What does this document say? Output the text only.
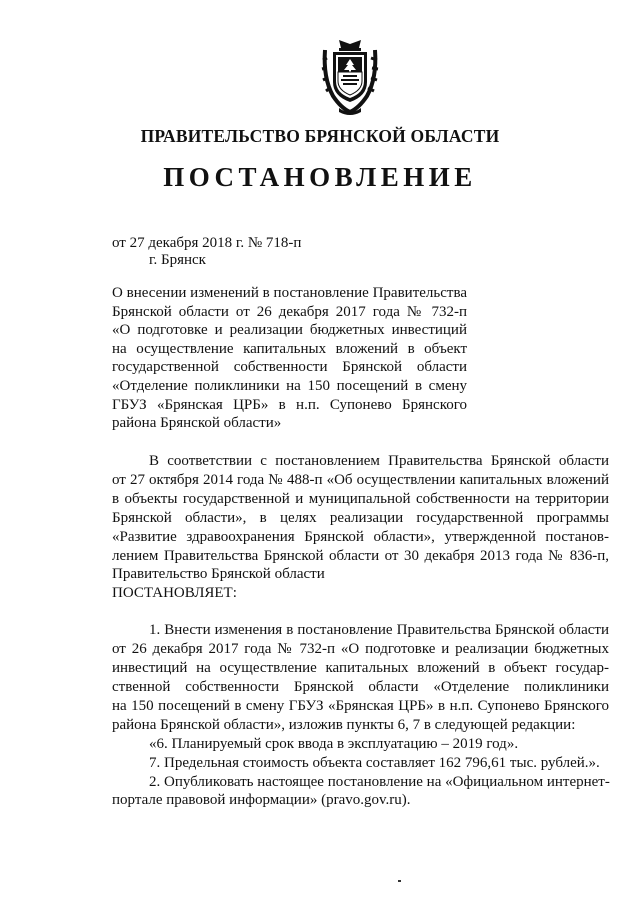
ПРАВИТЕЛЬСТВО БРЯНСКОЙ ОБЛАСТИ
ПОСТАНОВЛЕНИЕ
от 27 декабря 2018 г. № 718-п
г. Брянск
О внесении изменений в постановление Правительства
Брянской области от 26 декабря 2017 года № 732-п
«О подготовке и реализации бюджетных инвестиций
на осуществление капитальных вложений в объект
государственной собственности Брянской области
«Отделение поликлиники на 150 посещений в смену
ГБУЗ «Брянская ЦРБ» в н.п. Супонево Брянского
района Брянской области»
В соответствии с постановлением Правительства Брянской области
от 27 октября 2014 года № 488-п «Об осуществлении капитальных вложений
в объекты государственной и муниципальной собственности на территории
Брянской области», в целях реализации государственной программы
«Развитие здравоохранения Брянской области», утвержденной постанов-
лением Правительства Брянской области от 30 декабря 2013 года № 836-п,
Правительство Брянской области
ПОСТАНОВЛЯЕТ:
1. Внести изменения в постановление Правительства Брянской области
от 26 декабря 2017 года № 732-п «О подготовке и реализации бюджетных
инвестиций на осуществление капитальных вложений в объект государ-
ственной собственности Брянской области «Отделение поликлиники
на 150 посещений в смену ГБУЗ «Брянская ЦРБ» в н.п. Супонево Брянского
района Брянской области», изложив пункты 6, 7 в следующей редакции:
«6. Планируемый срок ввода в эксплуатацию – 2019 год».
7. Предельная стоимость объекта составляет 162 796,61 тыс. рублей.».
2. Опубликовать настоящее постановление на «Официальном интернет-
портале правовой информации» (pravo.gov.ru).
